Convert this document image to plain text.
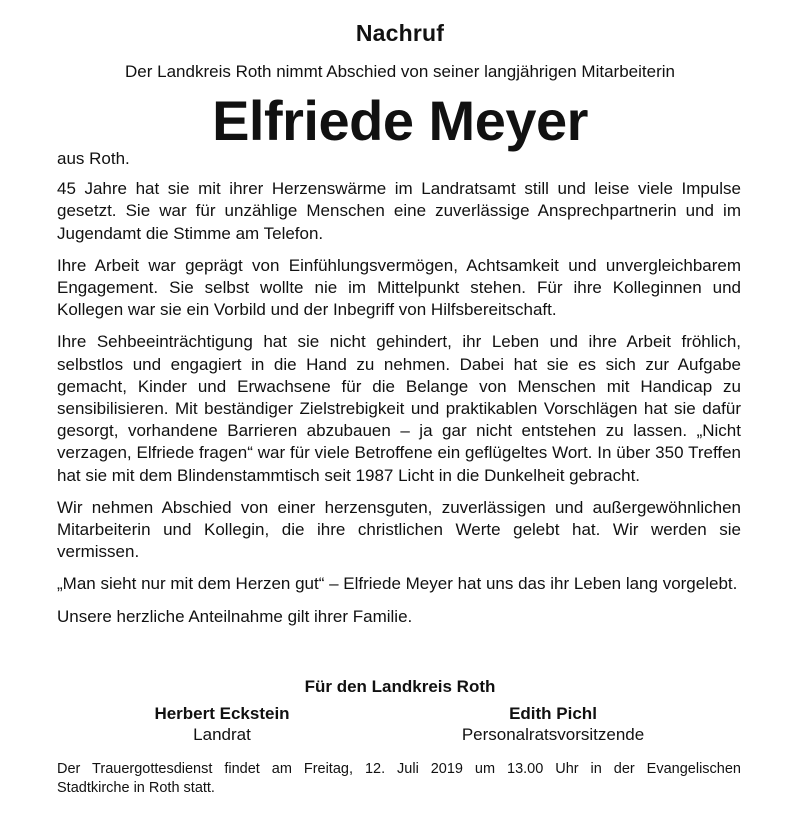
Nachruf
Der Landkreis Roth nimmt Abschied von seiner langjährigen Mitarbeiterin
Elfriede Meyer

aus Roth.

45 Jahre hat sie mit ihrer Herzenswärme im Landratsamt still und leise viele Impulse gesetzt. Sie war für unzählige Menschen eine zuverlässige Ansprechpartnerin und im Jugendamt die Stimme am Telefon.

Ihre Arbeit war geprägt von Einfühlungsvermögen, Achtsamkeit und unvergleichbarem Engagement. Sie selbst wollte nie im Mittelpunkt stehen. Für ihre Kolleginnen und Kollegen war sie ein Vorbild und der Inbegriff von Hilfsbereitschaft.

Ihre Sehbeeinträchtigung hat sie nicht gehindert, ihr Leben und ihre Arbeit fröhlich, selbstlos und engagiert in die Hand zu nehmen. Dabei hat sie es sich zur Aufgabe gemacht, Kinder und Erwachsene für die Belange von Menschen mit Handicap zu sensibilisieren. Mit beständiger Zielstrebigkeit und praktikablen Vorschlägen hat sie dafür gesorgt, vorhandene Barrieren abzubauen – ja gar nicht entstehen zu lassen. „Nicht verzagen, Elfriede fragen“ war für viele Betroffene ein geflügeltes Wort. In über 350 Treffen hat sie mit dem Blindenstammtisch seit 1987 Licht in die Dunkelheit gebracht.

Wir nehmen Abschied von einer herzensguten, zuverlässigen und außergewöhnlichen Mitarbeiterin und Kollegin, die ihre christlichen Werte gelebt hat. Wir werden sie vermissen.

„Man sieht nur mit dem Herzen gut“ – Elfriede Meyer hat uns das ihr Leben lang vorgelebt.

Unsere herzliche Anteilnahme gilt ihrer Familie.

Für den Landkreis Roth
Herbert Eckstein
Landrat
Edith Pichl
Personalratsvorsitzende
Der Trauergottesdienst findet am Freitag, 12. Juli 2019 um 13.00 Uhr in der Evangelischen
Stadtkirche in Roth statt.
